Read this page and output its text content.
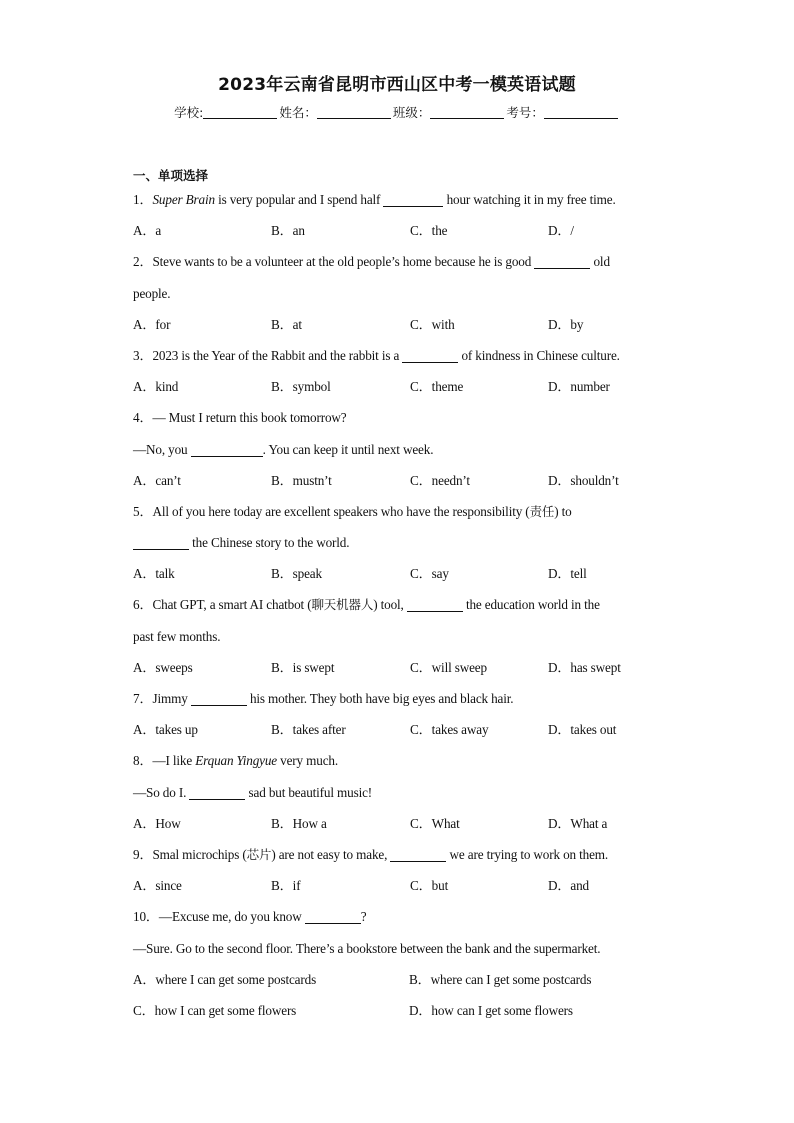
2023年云南省昆明市西山区中考一模英语试题
学校:	姓名：	班级：	考号：
一、单项选择
1．Super Brain is very popular and I spend half	hour watching it in my free time.
A．a	B．an	C．the	D．/
2．Steve wants to be a volunteer at the old people’s home because he is good	old
people.
A．for	B．at	C．with	D．by
3．2023 is the Year of the Rabbit and the rabbit is a	of kindness in Chinese culture.
A．kind	B．symbol	C．theme	D．number
4．— Must I return this book tomorrow?
—No, you	. You can keep it until next week.
A．can’t	B．mustn’t	C．needn’t	D．shouldn’t
5．All of you here today are excellent speakers who have the responsibility (责任) to
the Chinese story to the world.
A．talk	B．speak	C．say	D．tell
6．Chat GPT, a smart AI chatbot (聊天机器人) tool,	the education world in the
past few months.
A．sweeps	B．is swept	C．will sweep	D．has swept
7．Jimmy	his mother. They both have big eyes and black hair.
A．takes up	B．takes after	C．takes away	D．takes out
8．—I like Erquan Yingyue very much.
—So do I.	sad but beautiful music!
A．How	B．How a	C．What	D．What a
9．Smal microchips (芯片) are not easy to make,	we are trying to work on them.
A．since	B．if	C．but	D．and
10．—Excuse me, do you know	?
—Sure. Go to the second floor. There’s a bookstore between the bank and the supermarket.
A．where I can get some postcards	B．where can I get some postcards
C．how I can get some flowers	D．how can I get some flowers
